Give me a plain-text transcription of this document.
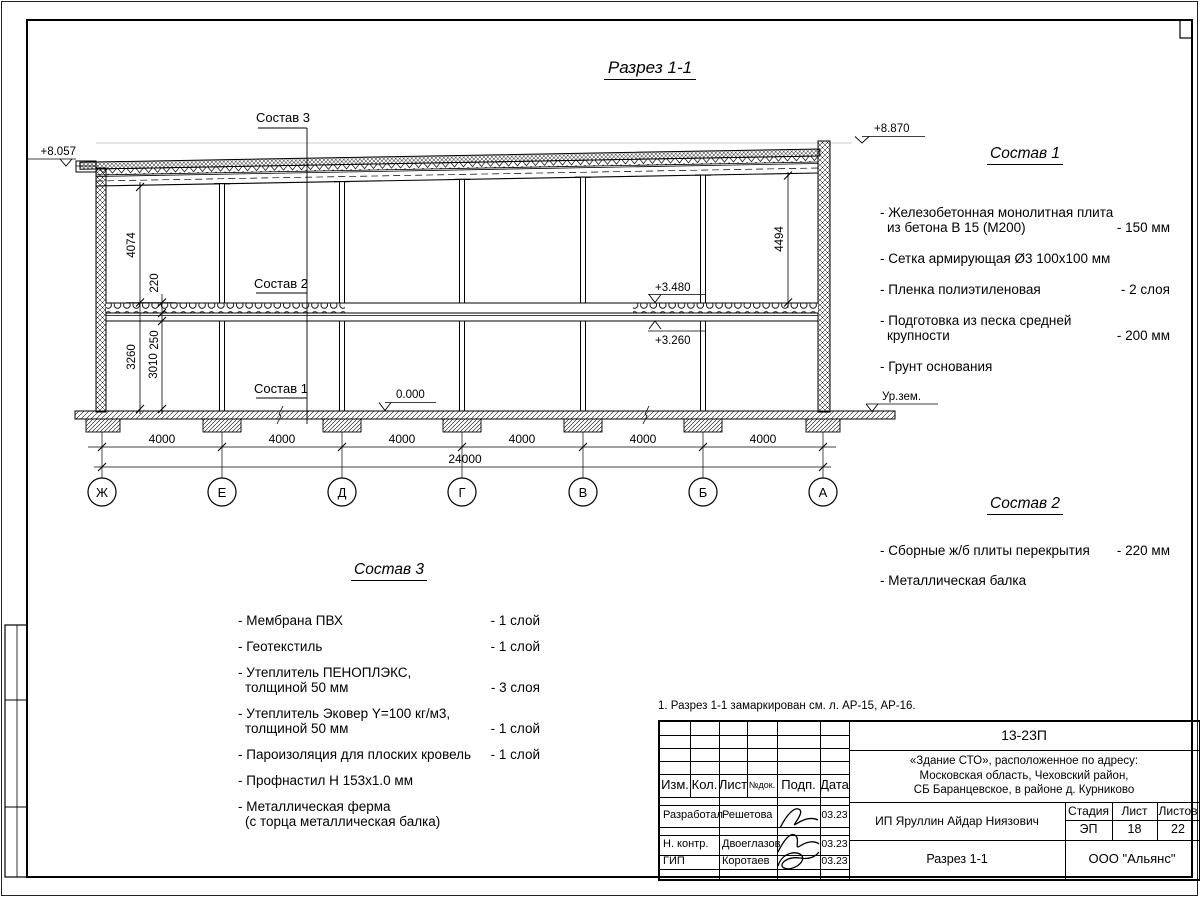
4000	4000	4000	4000	4000	4000
24000
Ж	Е	Д	Г	В	Б	А
4074
3260
220
250
3010
4494
+8.057
+8.870
+3.480
+3.260
0.000	Ур.зем.
Состав 3
Состав 2
Состав 1
Разрез 1-1
Состав 1
- Железобетонная монолитная плита
из бетона В 15 (М200)	- 150 мм
- Сетка армирующая Ø3 100х100 мм
- Пленка полиэтиленовая	- 2 слоя
- Подготовка из песка средней
крупности	- 200 мм
- Грунт основания
Состав 2
- Сборные ж/б плиты перекрытия - 220 мм
- Металлическая балка
Состав 3
- Мембрана ПВХ	- 1 слой
- Геотекстиль	- 1 слой
- Утеплитель ПЕНОПЛЭКС,
толщиной 50 мм	- 3 слоя
- Утеплитель Эковер Y=100 кг/м3,
толщиной 50 мм	- 1 слой
- Пароизоляция для плоских кровель - 1 слой
- Профнастил Н 153х1.0 мм
- Металлическая ферма
(с торца металлическая балка)
1. Разрез 1-1 замаркирован см. л. АР-15, АР-16.
Изм. Кол. Лист №док. Подп. Дата
Разработал Решетова	03.23
Н. контр.	Двоеглазов	03.23
ГИП	Коротаев	03.23
13-23П
«Здание СТО», расположенное по адресу:
Московская область, Чеховский район,
СБ Баранцевское, в районе д. Курниково
ИП Яруллин Айдар Ниязович
Разрез 1-1
Стадия	Лист Листов
ЭП	18	22
ООО "Альянс"
